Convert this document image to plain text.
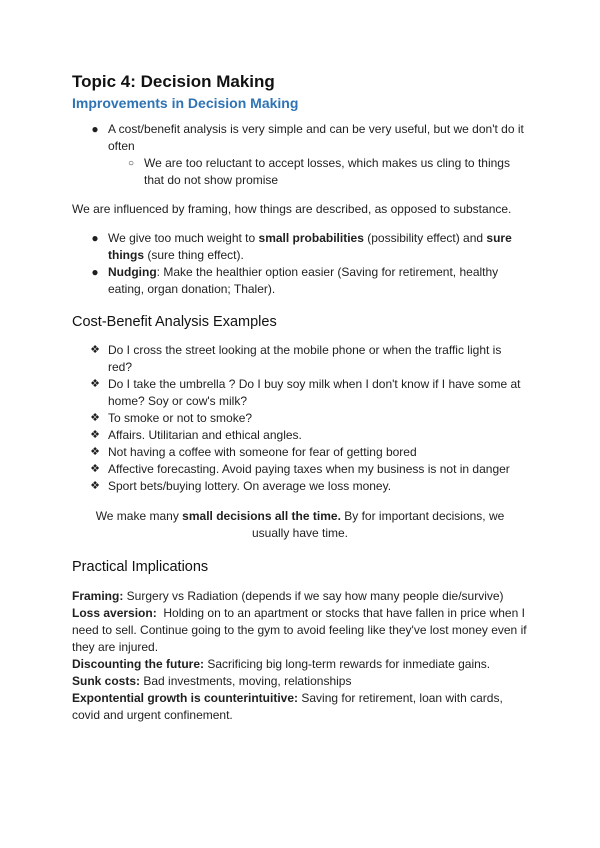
Topic 4: Decision Making
Improvements in Decision Making
● A cost/benefit analysis is very simple and can be very useful, but we don't do it often
○ We are too reluctant to accept losses, which makes us cling to things that do not show promise

We are influenced by framing, how things are described, as opposed to substance.

● We give too much weight to small probabilities (possibility effect) and sure things (sure thing effect).
● Nudging: Make the healthier option easier (Saving for retirement, healthy eating, organ donation; Thaler).
Cost-Benefit Analysis Examples
❖ Do I cross the street looking at the mobile phone or when the traffic light is red?
❖ Do I take the umbrella ? Do I buy soy milk when I don't know if I have some at home? Soy or cow's milk?
❖ To smoke or not to smoke?
❖ Affairs. Utilitarian and ethical angles.
❖ Not having a coffee with someone for fear of getting bored
❖ Affective forecasting. Avoid paying taxes when my business is not in danger
❖ Sport bets/buying lottery. On average we loss money.

We make many small decisions all the time. By for important decisions, we usually have time.

Practical Implications

Framing: Surgery vs Radiation (depends if we say how many people die/survive)

Loss aversion:  Holding on to an apartment or stocks that have fallen in price when I need to sell. Continue going to the gym to avoid feeling like they've lost money even if they are injured.

Discounting the future: Sacrificing big long-term rewards for inmediate gains.

Sunk costs: Bad investments, moving, relationships

Expontential growth is counterintuitive: Saving for retirement, loan with cards, covid and urgent confinement.
